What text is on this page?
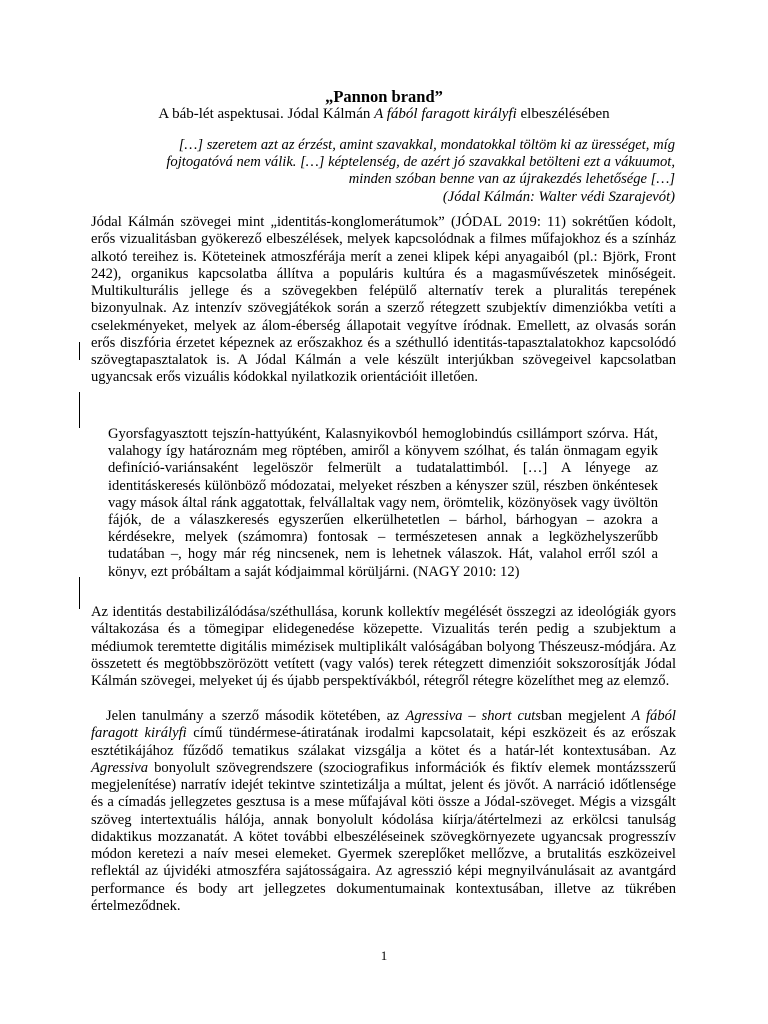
„Pannon brand”

A báb-lét aspektusai. Jódal Kálmán A fából faragott királyfi elbeszélésében

[…] szeretem azt az érzést, amint szavakkal, mondatokkal töltöm ki az ürességet, míg
fojtogatóvá nem válik. […] képtelenség, de azért jó szavakkal betölteni ezt a vákuumot,
minden szóban benne van az újrakezdés lehetősége […]
(Jódal Kálmán: Walter védi Szarajevót)

Jódal Kálmán szövegei mint „identitás-konglomerátumok” (JÓDAL 2019: 11) sokrétűen kódolt, erős vizualitásban gyökerező elbeszélések, melyek kapcsolódnak a filmes műfajokhoz és a színház alkotó tereihez is. Köteteinek atmoszférája merít a zenei klipek képi anyagaiból (pl.: Björk, Front 242), organikus kapcsolatba állítva a populáris kultúra és a magasművészetek minőségeit. Multikulturális jellege és a szövegekben felépülő alternatív terek a pluralitás terepének bizonyulnak. Az intenzív szövegjátékok során a szerző rétegzett szubjektív dimenziókba vetíti a cselekményeket, melyek az álom-éberség állapotait vegyítve íródnak. Emellett, az olvasás során erős diszfória érzetet képeznek az erőszakhoz és a széthulló identitás-tapasztalatokhoz kapcsolódó szövegtapasztalatok is. A Jódal Kálmán a vele készült interjúkban szövegeivel kapcsolatban ugyancsak erős vizuális kódokkal nyilatkozik orientációit illetően.

Gyorsfagyasztott tejszín-hattyúként, Kalasnyikovból hemoglobindús csillámport szórva. Hát, valahogy így határoznám meg röptében, amiről a könyvem szólhat, és talán önmagam egyik definíció-variánsaként legelöször felmerült a tudatalattimból. […] A lényege az identitáskeresés különböző módozatai, melyeket részben a kényszer szül, részben önkéntesek vagy mások által ránk aggatottak, felvállaltak vagy nem, örömtelik, közönyösek vagy üvöltön fájók, de a válaszkeresés egyszerűen elkerülhetetlen – bárhol, bárhogyan – azokra a kérdésekre, melyek (számomra) fontosak – természetesen annak a legközhelyszerűbb tudatában –, hogy már rég nincsenek, nem is lehetnek válaszok. Hát, valahol erről szól a könyv, ezt próbáltam a saját kódjaimmal körüljárni. (NAGY 2010: 12)

Az identitás destabilizálódása/széthullása, korunk kollektív megélését összegzi az ideológiák gyors váltakozása és a tömegipar elidegenedése közepette. Vizualitás terén pedig a szubjektum a médiumok teremtette digitális mimézisek multiplikált valóságában bolyong Thészeusz-módjára. Az összetett és megtöbbszörözött vetített (vagy valós) terek rétegzett dimenzióit sokszorosítják Jódal Kálmán szövegei, melyeket új és újabb perspektívákból, rétegről rétegre közelíthet meg az elemző.

Jelen tanulmány a szerző második kötetében, az Agressiva – short cutsban megjelent A fából faragott királyfi című tündérmese-átiratának irodalmi kapcsolatait, képi eszközeit és az erőszak esztétikájához fűződő tematikus szálakat vizsgálja a kötet és a határ-lét kontextusában. Az Agressiva bonyolult szövegrendszere (szociografikus információk és fiktív elemek montázsszerű megjelenítése) narratív idejét tekintve szintetizálja a múltat, jelent és jövőt. A narráció időtlensége és a címadás jellegzetes gesztusa is a mese műfajával köti össze a Jódal-szöveget. Mégis a vizsgált szöveg intertextuális hálója, annak bonyolult kódolása kiírja/átértelmezi az erkölcsi tanulság didaktikus mozzanatát. A kötet további elbeszéléseinek szövegkörnyezete ugyancsak progresszív módon keretezi a naív mesei elemeket. Gyermek szereplőket mellőzve, a brutalitás eszközeivel reflektál az újvidéki atmoszféra sajátosságaira. Az agresszió képi megnyilvánulásait az avantgárd performance és body art jellegzetes dokumentumainak kontextusában, illetve az tükrében értelmeződnek.

1
